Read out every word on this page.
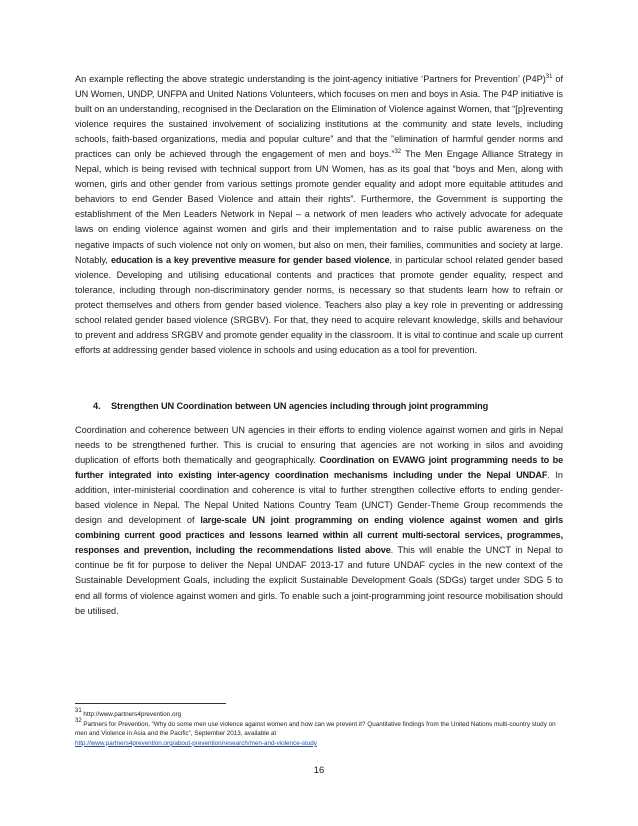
An example reflecting the above strategic understanding is the joint-agency initiative ‘Partners for Prevention’ $(P4P)^{31}$ of UN Women, UNDP, UNFPA and United Nations Volunteers, which focuses on men and boys in Asia. The P4P initiative is built on an understanding, recognised in the Declaration on the Elimination of Violence against Women, that “[p]reventing violence requires the sustained involvement of socializing institutions at the community and state levels, including schools, faith-based organizations, media and popular culture” and that the ”elimination of harmful gender norms and practices can only be achieved through the engagement of men and boys.”$^{32}$ The Men Engage Alliance Strategy in Nepal, which is being revised with technical support from UN Women, has as its goal that “boys and Men, along with women, girls and other gender from various settings promote gender equality and adopt more equitable attitudes and behaviors to end Gender Based Violence and attain their rights”. Furthermore, the Government is supporting the establishment of the Men Leaders Network in Nepal – a network of men leaders who actively advocate for adequate laws on ending violence against women and girls and their implementation and to raise public awareness on the negative impacts of such violence not only on women, but also on men, their families, communities and society at large. Notably, education is a key preventive measure for gender based violence, in particular school related gender based violence. Developing and utilising educational contents and practices that promote gender equality, respect and tolerance, including through non-discriminatory gender norms, is necessary so that students learn how to refrain or protect themselves and others from gender based violence. Teachers also play a key role in preventing or addressing school related gender based violence (SRGBV). For that, they need to acquire relevant knowledge, skills and behaviour to prevent and address SRGBV and promote gender equality in the classroom. It is vital to continue and scale up current efforts at addressing gender based violence in schools and using education as a tool for prevention.

4. Strengthen UN Coordination between UN agencies including through joint programming

Coordination and coherence between UN agencies in their efforts to ending violence against women and girls in Nepal needs to be strengthened further. This is crucial to ensuring that agencies are not working in silos and avoiding duplication of efforts both thematically and geographically. Coordination on EVAWG joint programming needs to be further integrated into existing inter-agency coordination mechanisms including under the Nepal UNDAF. In addition, inter-ministerial coordination and coherence is vital to further strengthen collective efforts to ending gender-based violence in Nepal. The Nepal United Nations Country Team (UNCT) Gender-Theme Group recommends the design and development of large-scale UN joint programming on ending violence against women and girls combining current good practices and lessons learned within all current multi-sectoral services, programmes, responses and prevention, including the recommendations listed above. This will enable the UNCT in Nepal to continue be fit for purpose to deliver the Nepal UNDAF 2013-17 and future UNDAF cycles in the new context of the Sustainable Development Goals, including the explicit Sustainable Development Goals (SDGs) target under SDG 5 to end all forms of violence against women and girls. To enable such a joint-programming joint resource mobilisation should be utilised.

$^{31}$ http://www.partners4prevention.org
$^{32}$ Partners for Prevention, “Why do some men use violence against women and how can we prevent it? Quantitative findings from the United Nations multi-country study on men and Violence in Asia and the Pacific”, September 2013, available at
http://www.partners4prevention.org/about-prevention/research/men-and-violence-study
16
